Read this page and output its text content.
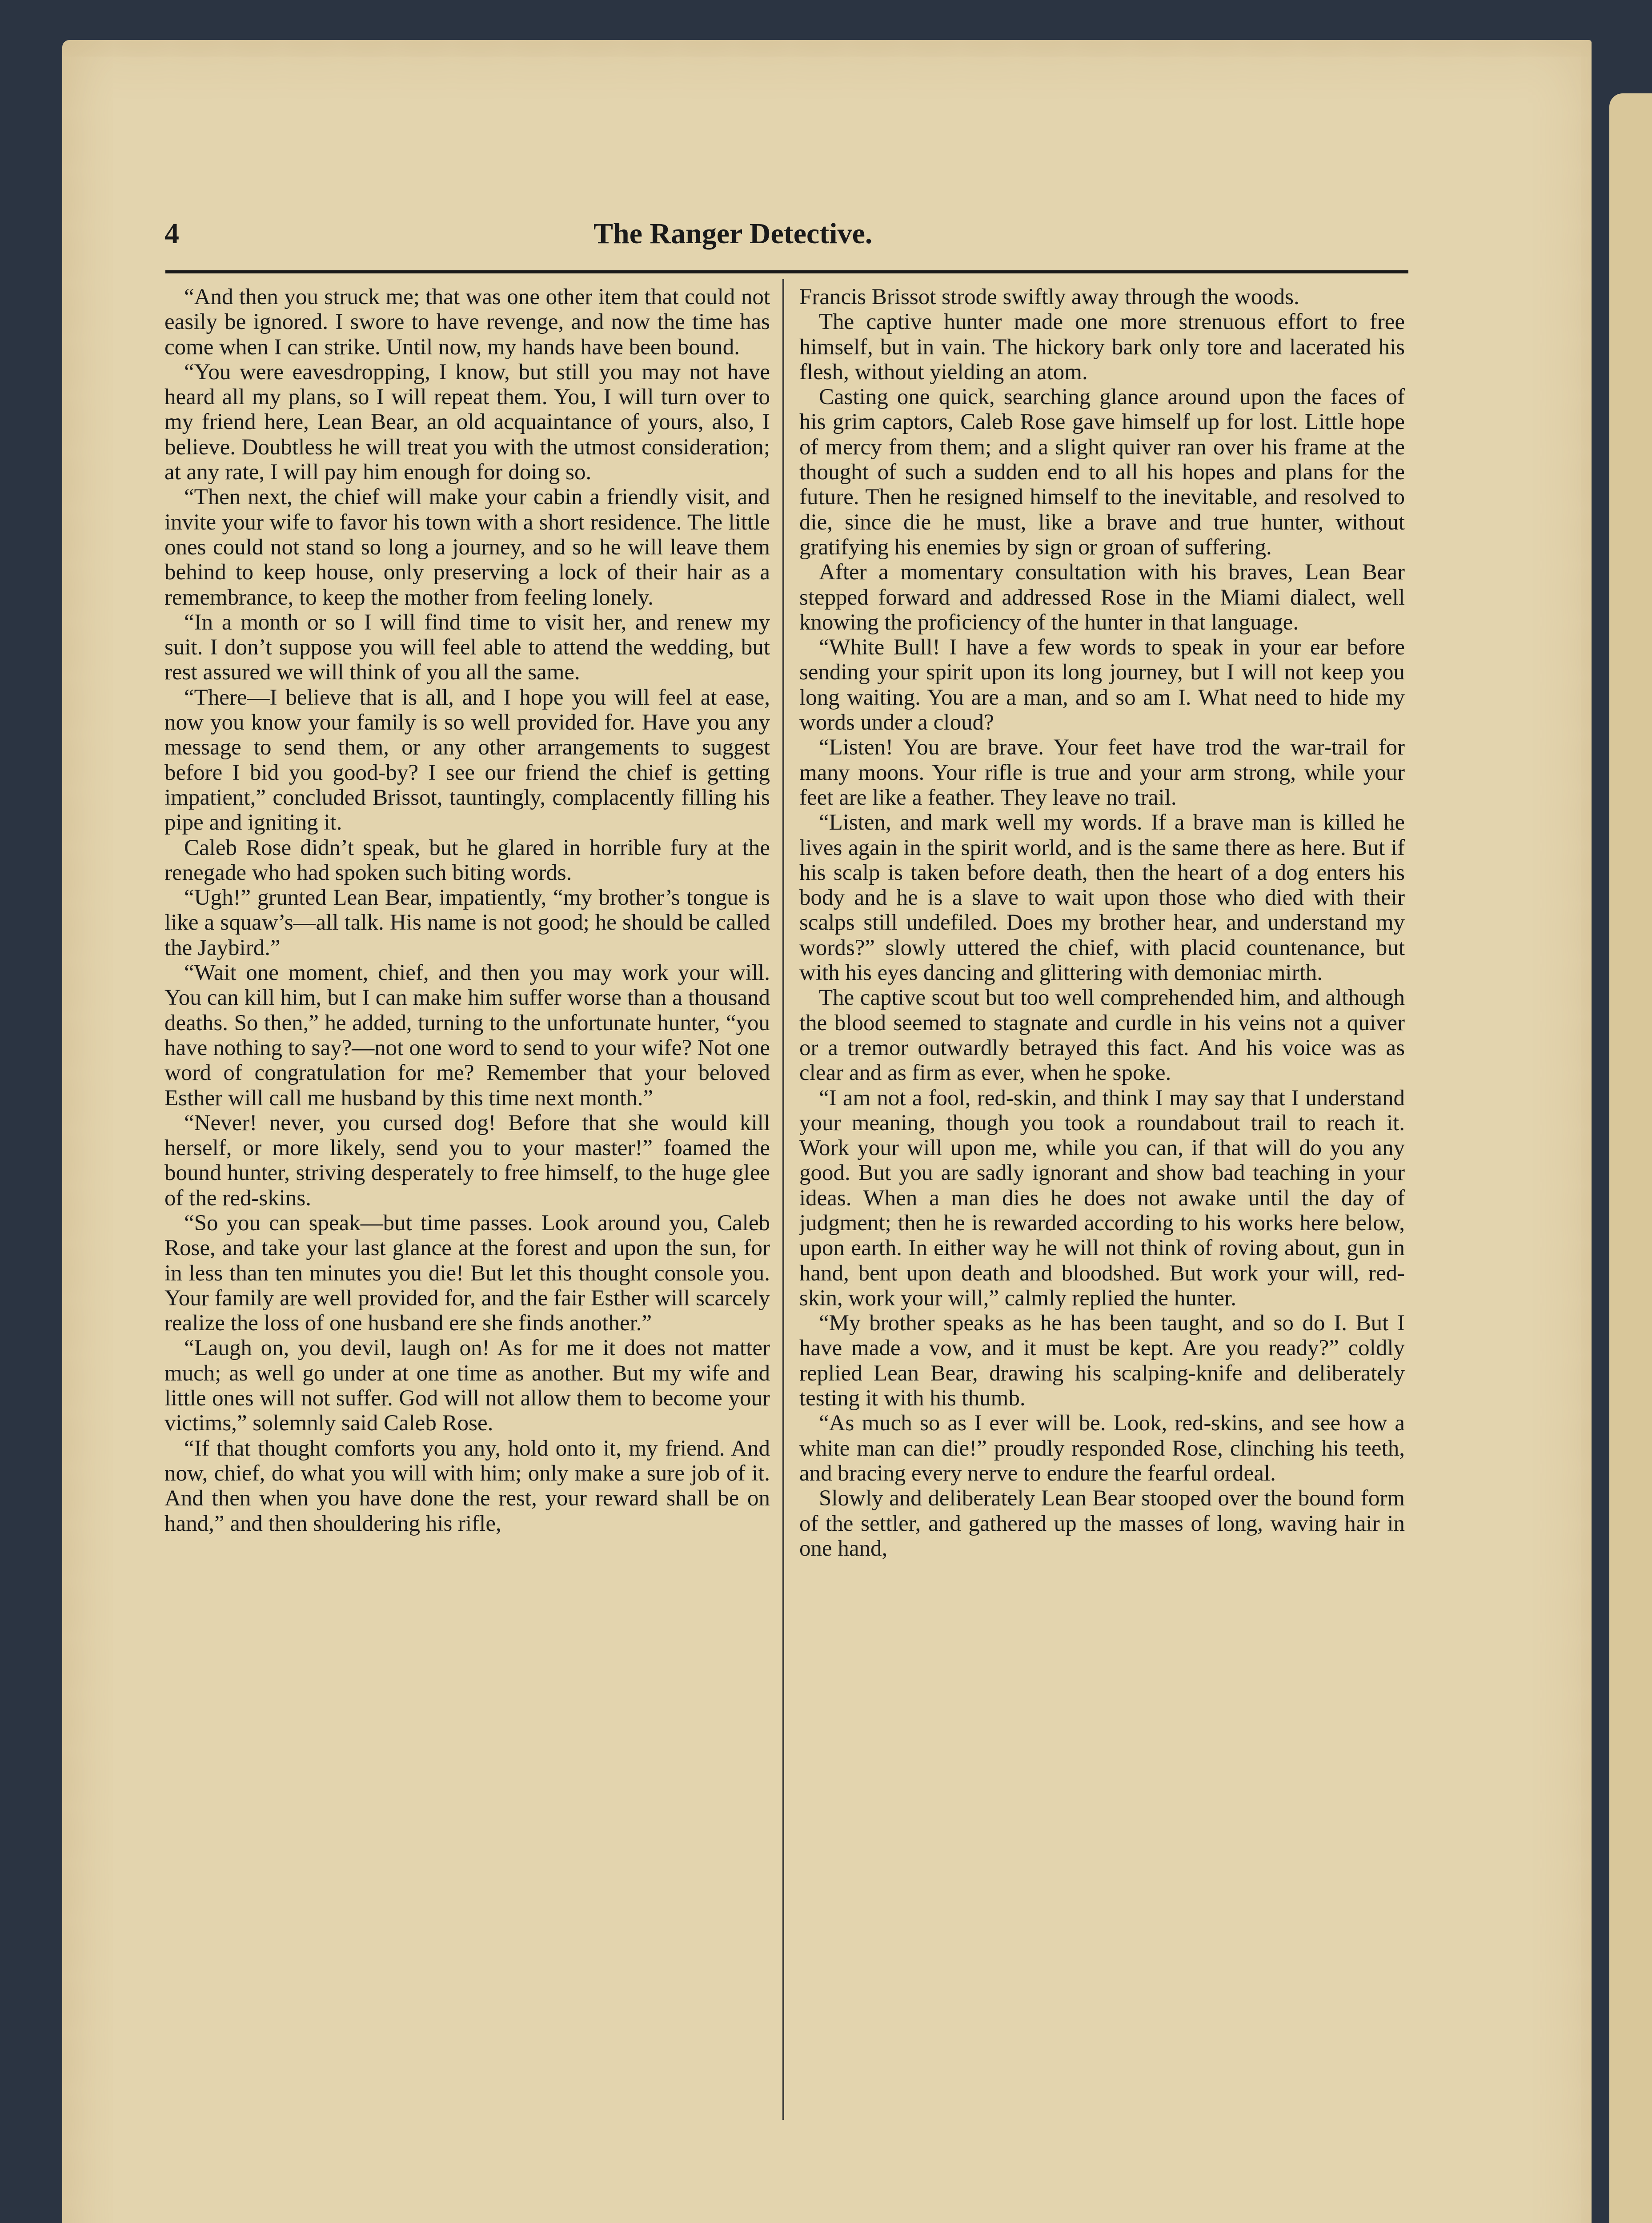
4	The Ranger Detective.

“And then you struck me; that was one other item that could not easily be ignored. I swore to have revenge, and now the time has come when I can strike. Until now, my hands have been bound.

“You were eavesdropping, I know, but still you may not have heard all my plans, so I will repeat them. You, I will turn over to my friend here, Lean Bear, an old acquaintance of yours, also, I believe. Doubtless he will treat you with the utmost consideration; at any rate, I will pay him enough for doing so.

“Then next, the chief will make your cabin a friendly visit, and invite your wife to favor his town with a short residence. The little ones could not stand so long a journey, and so he will leave them behind to keep house, only preserving a lock of their hair as a remembrance, to keep the mother from feeling lonely.

“In a month or so I will find time to visit her, and renew my suit. I don’t suppose you will feel able to attend the wedding, but rest assured we will think of you all the same.

“There—I believe that is all, and I hope you will feel at ease, now you know your family is so well provided for. Have you any message to send them, or any other arrangements to suggest before I bid you good-by? I see our friend the chief is getting impatient,” concluded Brissot, tauntingly, complacently filling his pipe and igniting it.

Caleb Rose didn’t speak, but he glared in horrible fury at the renegade who had spoken such biting words.

“Ugh!” grunted Lean Bear, impatiently, “my brother’s tongue is like a squaw’s—all talk. His name is not good; he should be called the Jaybird.”

“Wait one moment, chief, and then you may work your will. You can kill him, but I can make him suffer worse than a thousand deaths. So then,” he added, turning to the unfortunate hunter, “you have nothing to say?—not one word to send to your wife? Not one word of congratulation for me? Remember that your beloved Esther will call me husband by this time next month.”

“Never! never, you cursed dog! Before that she would kill herself, or more likely, send you to your master!” foamed the bound hunter, striving desperately to free himself, to the huge glee of the red-skins.

“So you can speak—but time passes. Look around you, Caleb Rose, and take your last glance at the forest and upon the sun, for in less than ten minutes you die! But let this thought console you. Your family are well provided for, and the fair Esther will scarcely realize the loss of one husband ere she finds another.”

“Laugh on, you devil, laugh on! As for me it does not matter much; as well go under at one time as another. But my wife and little ones will not suffer. God will not allow them to become your victims,” solemnly said Caleb Rose.

“If that thought comforts you any, hold onto it, my friend. And now, chief, do what you will with him; only make a sure job of it. And then when you have done the rest, your reward shall be on hand,” and then shouldering his rifle,

Francis Brissot strode swiftly away through the woods.

The captive hunter made one more strenuous effort to free himself, but in vain. The hickory bark only tore and lacerated his flesh, without yielding an atom.

Casting one quick, searching glance around upon the faces of his grim captors, Caleb Rose gave himself up for lost. Little hope of mercy from them; and a slight quiver ran over his frame at the thought of such a sudden end to all his hopes and plans for the future. Then he resigned himself to the inevitable, and resolved to die, since die he must, like a brave and true hunter, without gratifying his enemies by sign or groan of suffering.

After a momentary consultation with his braves, Lean Bear stepped forward and addressed Rose in the Miami dialect, well knowing the proficiency of the hunter in that language.

“White Bull! I have a few words to speak in your ear before sending your spirit upon its long journey, but I will not keep you long waiting. You are a man, and so am I. What need to hide my words under a cloud?

“Listen! You are brave. Your feet have trod the war-trail for many moons. Your rifle is true and your arm strong, while your feet are like a feather. They leave no trail.

“Listen, and mark well my words. If a brave man is killed he lives again in the spirit world, and is the same there as here. But if his scalp is taken before death, then the heart of a dog enters his body and he is a slave to wait upon those who died with their scalps still undefiled. Does my brother hear, and understand my words?” slowly uttered the chief, with placid countenance, but with his eyes dancing and glittering with demoniac mirth.

The captive scout but too well comprehended him, and although the blood seemed to stagnate and curdle in his veins not a quiver or a tremor outwardly betrayed this fact. And his voice was as clear and as firm as ever, when he spoke.

“I am not a fool, red-skin, and think I may say that I understand your meaning, though you took a roundabout trail to reach it. Work your will upon me, while you can, if that will do you any good. But you are sadly ignorant and show bad teaching in your ideas. When a man dies he does not awake until the day of judgment; then he is rewarded according to his works here below, upon earth. In either way he will not think of roving about, gun in hand, bent upon death and bloodshed. But work your will, red-skin, work your will,” calmly replied the hunter.

“My brother speaks as he has been taught, and so do I. But I have made a vow, and it must be kept. Are you ready?” coldly replied Lean Bear, drawing his scalping-knife and deliberately testing it with his thumb.

“As much so as I ever will be. Look, red-skins, and see how a white man can die!” proudly responded Rose, clinching his teeth, and bracing every nerve to endure the fearful ordeal.

Slowly and deliberately Lean Bear stooped over the bound form of the settler, and gathered up the masses of long, waving hair in one hand,
